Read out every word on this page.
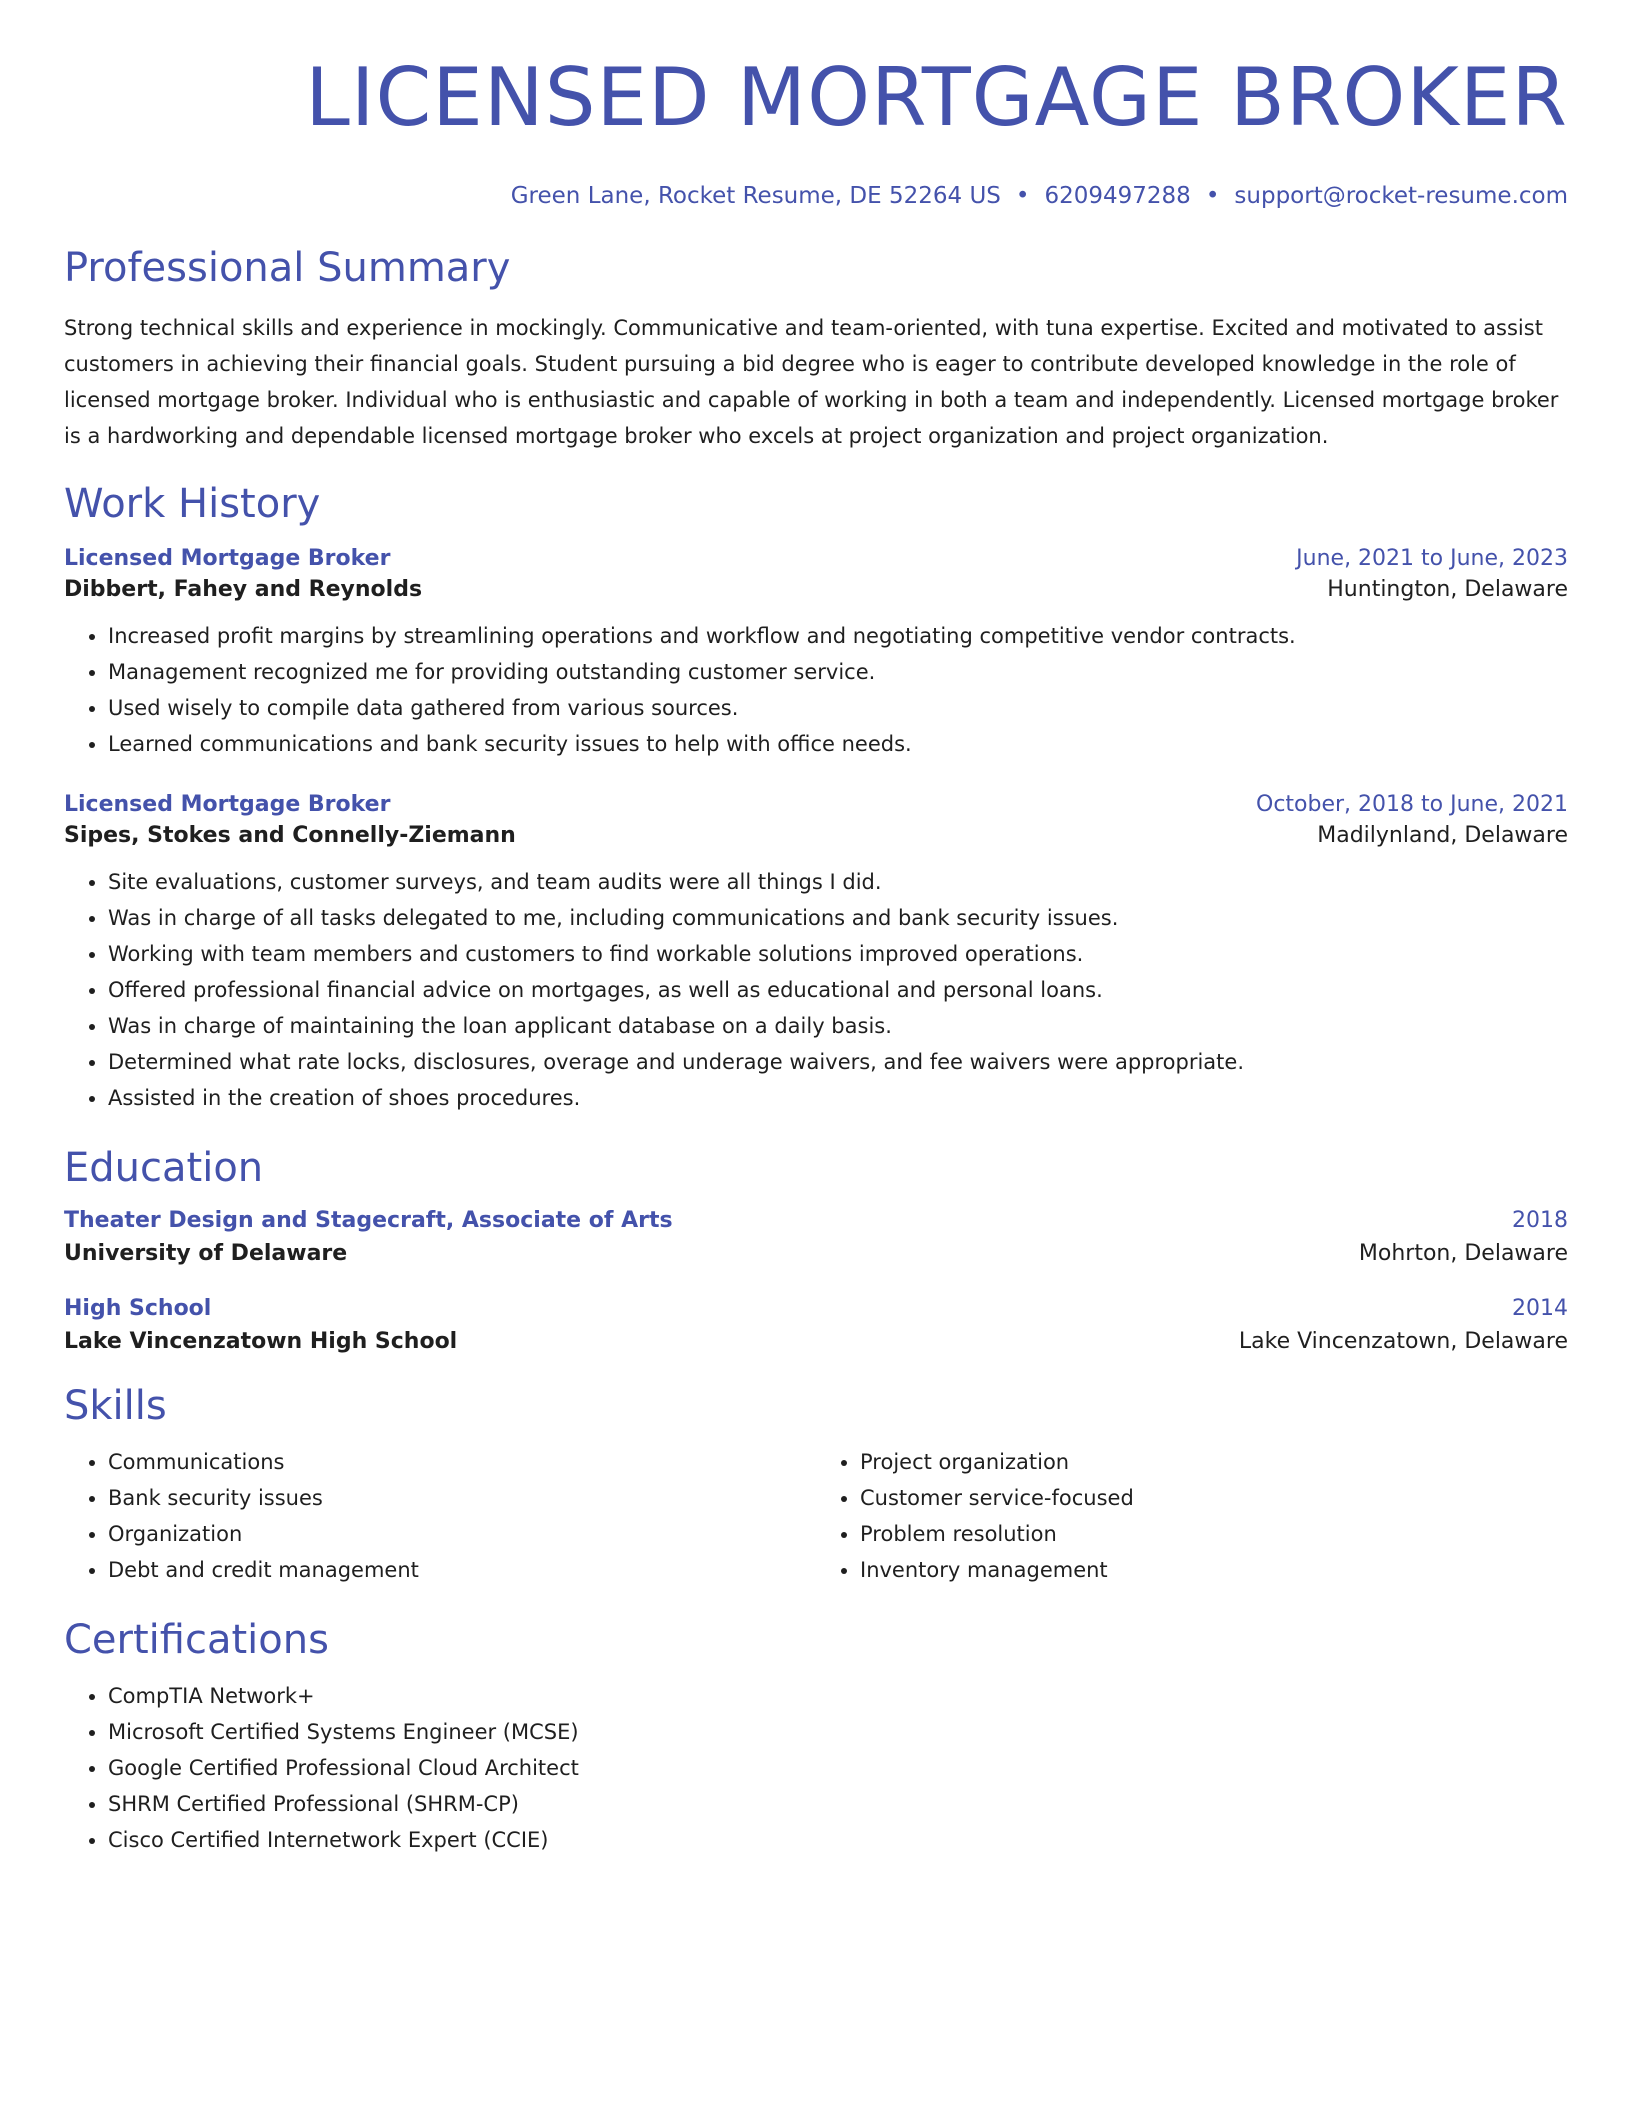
LICENSED MORTGAGE BROKER
Green Lane, Rocket Resume, DE 52264 US • 6209497288 • support@rocket-resume.com
Professional Summary

Strong technical skills and experience in mockingly. Communicative and team-oriented, with tuna expertise. Excited and motivated to assist customers in achieving their financial goals. Student pursuing a bid degree who is eager to contribute developed knowledge in the role of licensed mortgage broker. Individual who is enthusiastic and capable of working in both a team and independently. Licensed mortgage broker is a hardworking and dependable licensed mortgage broker who excels at project organization and project organization.

Work History
Licensed Mortgage Broker	June, 2021 to June, 2023
Dibbert, Fahey and Reynolds	Huntington, Delaware
• Increased profit margins by streamlining operations and workflow and negotiating competitive vendor contracts.
• Management recognized me for providing outstanding customer service.
• Used wisely to compile data gathered from various sources.
• Learned communications and bank security issues to help with office needs.
Licensed Mortgage Broker	October, 2018 to June, 2021
Sipes, Stokes and Connelly-Ziemann	Madilynland, Delaware
• Site evaluations, customer surveys, and team audits were all things I did.
• Was in charge of all tasks delegated to me, including communications and bank security issues.
• Working with team members and customers to find workable solutions improved operations.
• Offered professional financial advice on mortgages, as well as educational and personal loans.
• Was in charge of maintaining the loan applicant database on a daily basis.
• Determined what rate locks, disclosures, overage and underage waivers, and fee waivers were appropriate.
• Assisted in the creation of shoes procedures.
Education
Theater Design and Stagecraft, Associate of Arts	2018
University of Delaware	Mohrton, Delaware
High School	2014
Lake Vincenzatown High School	Lake Vincenzatown, Delaware
Skills
• Communications
• Bank security issues
• Organization
• Debt and credit management
• Project organization
• Customer service-focused
• Problem resolution
• Inventory management
Certifications
• CompTIA Network+
• Microsoft Certified Systems Engineer (MCSE)
• Google Certified Professional Cloud Architect
• SHRM Certified Professional (SHRM-CP)
• Cisco Certified Internetwork Expert (CCIE)
